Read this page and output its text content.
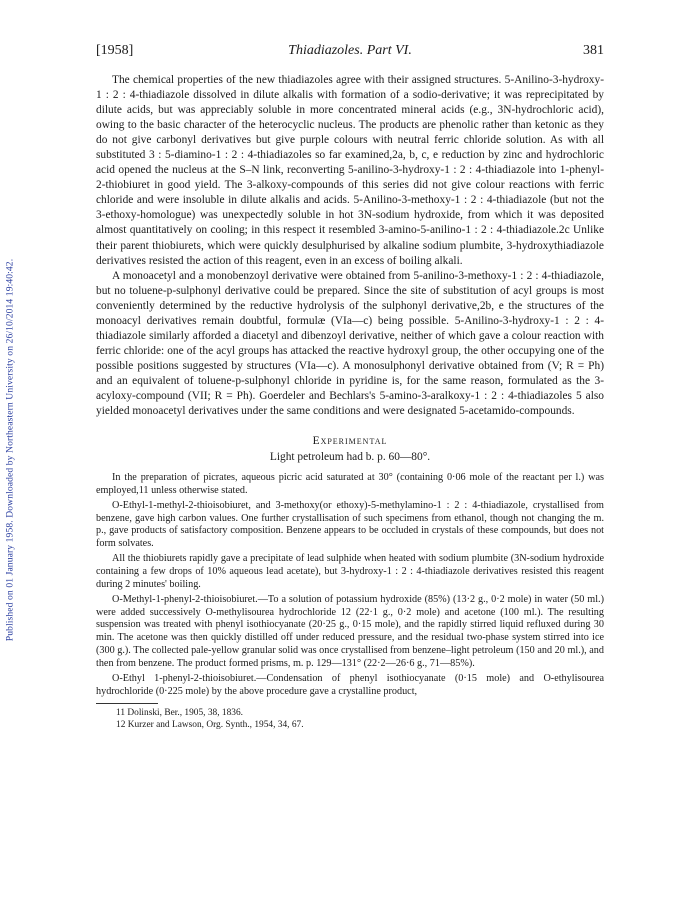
Published on 01 January 1958. Downloaded by Northeastern University on 26/10/2014 19:40:42.
[1958]	Thiadiazoles. Part VI.	381

The chemical properties of the new thiadiazoles agree with their assigned structures. 5-Anilino-3-hydroxy-1 : 2 : 4-thiadiazole dissolved in dilute alkalis with formation of a sodio-derivative; it was reprecipitated by dilute acids, but was appreciably soluble in more concentrated mineral acids (e.g., 3N-hydrochloric acid), owing to the basic character of the heterocyclic nucleus. The products are phenolic rather than ketonic as they do not give carbonyl derivatives but give purple colours with neutral ferric chloride solution. As with all substituted 3 : 5-diamino-1 : 2 : 4-thiadiazoles so far examined,2a, b, c, e reduction by zinc and hydrochloric acid opened the nucleus at the S–N link, reconverting 5-anilino-3-hydroxy-1 : 2 : 4-thiadiazole into 1-phenyl-2-thiobiuret in good yield. The 3-alkoxy-compounds of this series did not give colour reactions with ferric chloride and were insoluble in dilute alkalis and acids. 5-Anilino-3-methoxy-1 : 2 : 4-thiadiazole (but not the 3-ethoxy-homologue) was unexpectedly soluble in hot 3N-sodium hydroxide, from which it was deposited almost quantitatively on cooling; in this respect it resembled 3-amino-5-anilino-1 : 2 : 4-thiadiazole.2c Unlike their parent thiobiurets, which were quickly desulphurised by alkaline sodium plumbite, 3-hydroxythiadiazole derivatives resisted the action of this reagent, even in an excess of boiling alkali.

A monoacetyl and a monobenzoyl derivative were obtained from 5-anilino-3-methoxy-1 : 2 : 4-thiadiazole, but no toluene-p-sulphonyl derivative could be prepared. Since the site of substitution of acyl groups is most conveniently determined by the reductive hydrolysis of the sulphonyl derivative,2b, e the structures of the monoacyl derivatives remain doubtful, formulæ (VIa—c) being possible. 5-Anilino-3-hydroxy-1 : 2 : 4-thiadiazole similarly afforded a diacetyl and dibenzoyl derivative, neither of which gave a colour reaction with ferric chloride: one of the acyl groups has attacked the reactive hydroxyl group, the other occupying one of the possible positions suggested by structures (VIa—c). A monosulphonyl derivative obtained from (V; R = Ph) and an equivalent of toluene-p-sulphonyl chloride in pyridine is, for the same reason, formulated as the 3-acyloxy-compound (VII; R = Ph). Goerdeler and Bechlars's 5-amino-3-aralkoxy-1 : 2 : 4-thiadiazoles 5 also yielded monoacetyl derivatives under the same conditions and were designated 5-acetamido-compounds.

Experimental
Light petroleum had b. p. 60—80°.

In the preparation of picrates, aqueous picric acid saturated at 30° (containing 0·06 mole of the reactant per l.) was employed,11 unless otherwise stated.

O-Ethyl-1-methyl-2-thioisobiuret, and 3-methoxy(or ethoxy)-5-methylamino-1 : 2 : 4-thiadiazole, crystallised from benzene, gave high carbon values. One further crystallisation of such specimens from ethanol, though not changing the m. p., gave products of satisfactory composition. Benzene appears to be occluded in crystals of these compounds, but does not form solvates.

All the thiobiurets rapidly gave a precipitate of lead sulphide when heated with sodium plumbite (3N-sodium hydroxide containing a few drops of 10% aqueous lead acetate), but 3-hydroxy-1 : 2 : 4-thiadiazole derivatives resisted this reagent during 2 minutes' boiling.

O-Methyl-1-phenyl-2-thioisobiuret.—To a solution of potassium hydroxide (85%) (13·2 g., 0·2 mole) in water (50 ml.) were added successively O-methylisourea hydrochloride 12 (22·1 g., 0·2 mole) and acetone (100 ml.). The resulting suspension was treated with phenyl isothiocyanate (20·25 g., 0·15 mole), and the rapidly stirred liquid refluxed during 30 min. The acetone was then quickly distilled off under reduced pressure, and the residual two-phase system stirred into ice (300 g.). The collected pale-yellow granular solid was once crystallised from benzene–light petroleum (150 and 20 ml.), and then from benzene. The product formed prisms, m. p. 129—131° (22·2—26·6 g., 71—85%).

O-Ethyl 1-phenyl-2-thioisobiuret.—Condensation of phenyl isothiocyanate (0·15 mole) and O-ethylisourea hydrochloride (0·225 mole) by the above procedure gave a crystalline product,

11 Dolinski, Ber., 1905, 38, 1836.
12 Kurzer and Lawson, Org. Synth., 1954, 34, 67.
